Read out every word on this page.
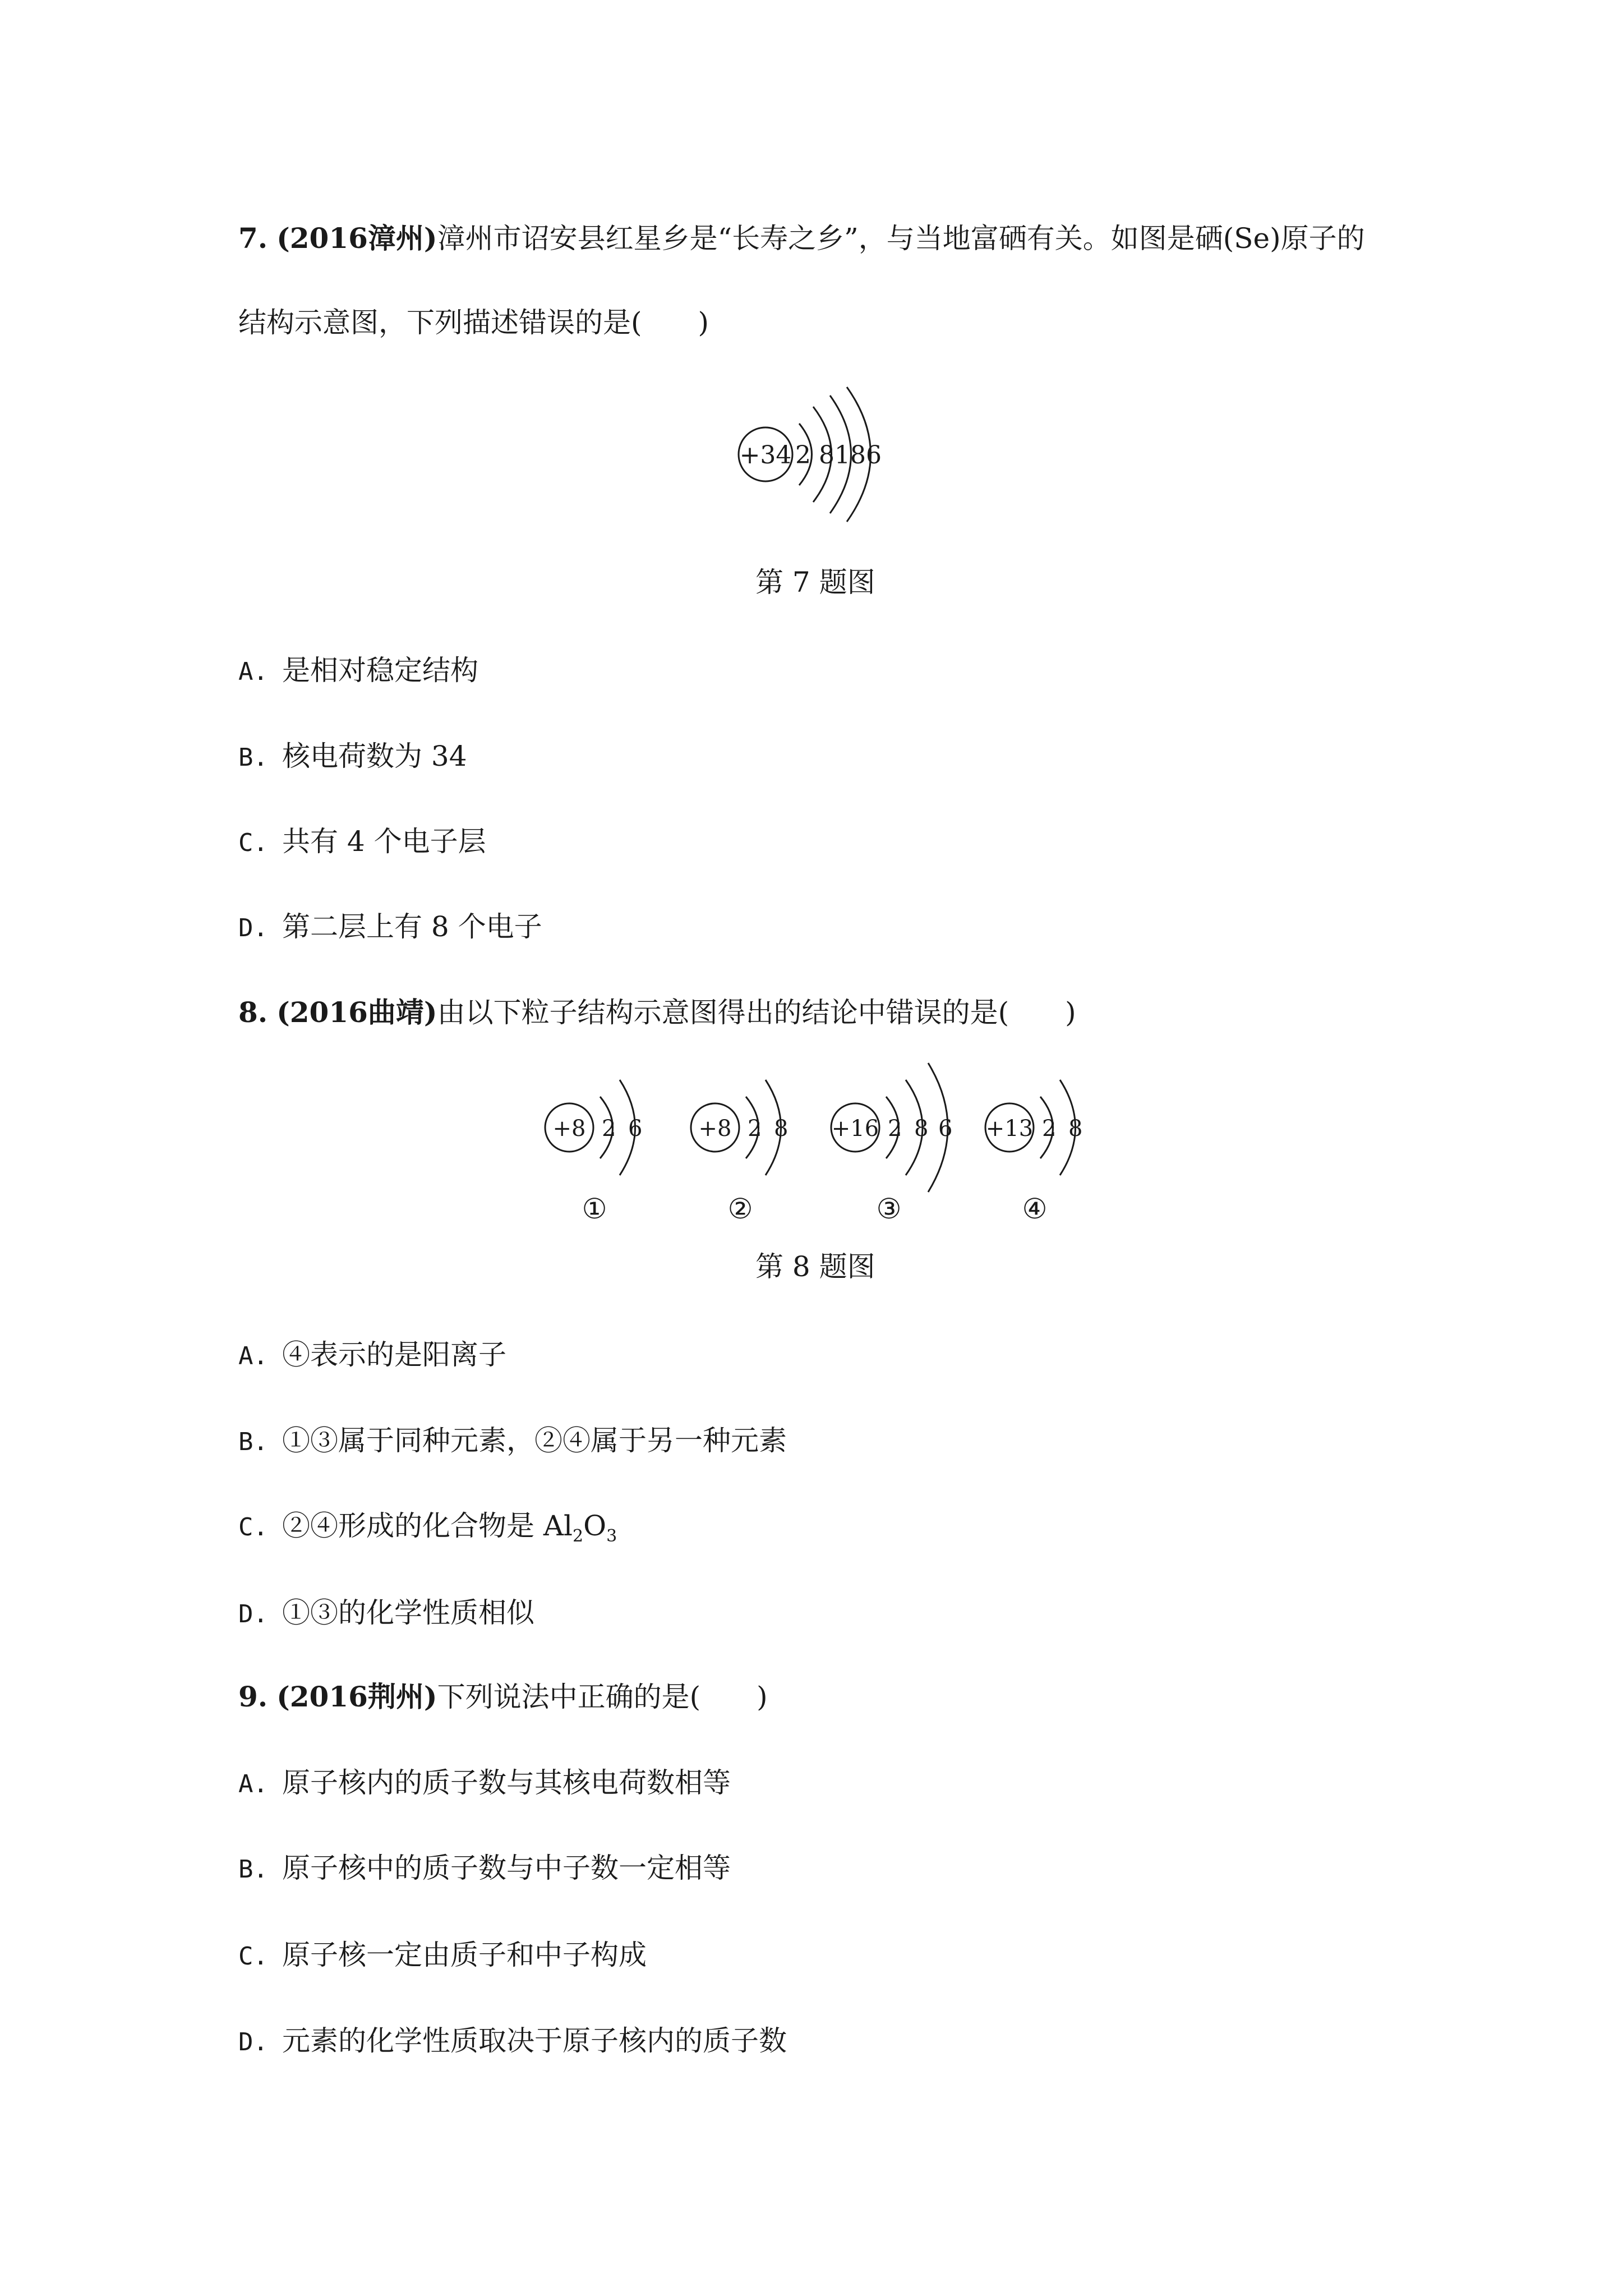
7. (2016漳州)漳州市诏安县红星乡是“长寿之乡”，与当地富硒有关。如图是硒(Se)原子的
结构示意图，下列描述错误的是(　　)
+34 2 8186
第 7 题图
A. 是相对稳定结构
B. 核电荷数为 34
C. 共有 4 个电子层
D. 第二层上有 8 个电子
8. (2016曲靖)由以下粒子结构示意图得出的结论中错误的是(　　)
+8 2 6
①
+8 2 8
②
+16 2 8 6
③
+13 2 8
④
第 8 题图
A. ④表示的是阳离子
B. ①③属于同种元素，②④属于另一种元素
C. ②④形成的化合物是 $Al_2O_3$
D. ①③的化学性质相似
9. (2016荆州)下列说法中正确的是(　　)
A. 原子核内的质子数与其核电荷数相等
B. 原子核中的质子数与中子数一定相等
C. 原子核一定由质子和中子构成
D. 元素的化学性质取决于原子核内的质子数
